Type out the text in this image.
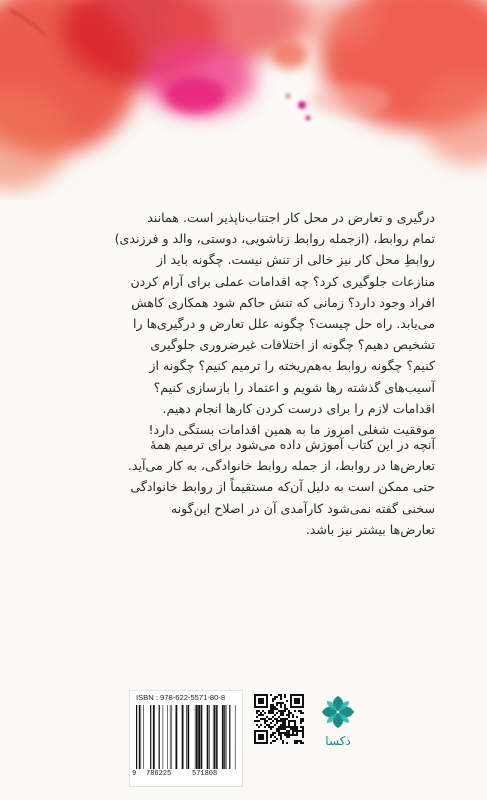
درگیری و تعارض در محل کار اجتناب‌ناپذیر است. همانند
تمام روابط، (ازجمله روابط زناشویی، دوستی، والد و فرزندی)
روابطِ محل کار نیز خالی از تنش نیست. چگونه باید از
منازعات جلوگیری کرد؟ چه اقدامات عملی برای آرام کردن
افراد وجود دارد؟ زمانی که تنش حاکم شود همکاری کاهش
می‌یابد. راه حل چیست؟ چگونه علل تعارض و درگیری‌ها را
تشخیص دهیم؟ چگونه از اختلافات غیرضروری جلوگیری
کنیم؟ چگونه روابط به‌هم‌ریخته را ترمیم کنیم؟ چگونه از
آسیب‌های گذشته رها شویم و اعتماد را بازسازی کنیم؟
اقدامات لازم را برای درست کردن کارها انجام دهیم.
موفقیت شغلی امروز ما به همین اقدامات بستگی دارد!
آنچه در این کتاب آموزش داده می‌شود برای ترمیم همهٔ
تعارض‌ها در روابط، از جمله روابط خانوادگی، به کار می‌آید.
حتی ممکن است به دلیل آن‌که مستقیماً از روابط خانوادگی
سخنی گفته نمی‌شود کارآمدی آن در اصلاح این‌گونه
تعارض‌ها بیشتر نیز باشد.
ISBN : 978-622-5571-80-8
9 786225	571808
ذکسا
